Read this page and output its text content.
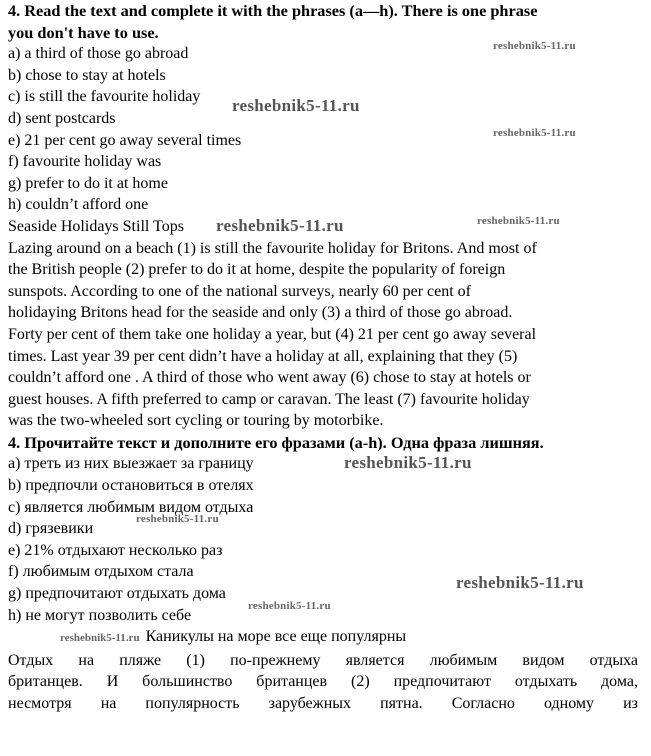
4. Read the text and complete it with the phrases (a—h). There is one phrase
you don't have to use.
a) a third of those go abroad
b) chose to stay at hotels
c) is still the favourite holiday
d) sent postcards
e) 21 per cent go away several times
f) favourite holiday was
g) prefer to do it at home
h) couldn’t afford one
Seaside Holidays Still Tops
Lazing around on a beach (1) is still the favourite holiday for Britons. And most of
the British people (2) prefer to do it at home, despite the popularity of foreign
sunspots. According to one of the national surveys, nearly 60 per cent of
holidaying Britons head for the seaside and only (3) a third of those go abroad.
Forty per cent of them take one holiday a year, but (4) 21 per cent go away several
times. Last year 39 per cent didn’t have a holiday at all, explaining that they (5)
couldn’t afford one . A third of those who went away (6) chose to stay at hotels or
guest houses. A fifth preferred to camp or caravan. The least (7) favourite holiday
was the two-wheeled sort cycling or touring by motorbike.
4. Прочитайте текст и дополните его фразами (a-h). Одна фраза лишняя.
a) треть из них выезжает за границу
b) предпочли остановиться в отелях
c) является любимым видом отдыха
d) грязевики
e) 21% отдыхают несколько раз
f) любимым отдыхом стала
g) предпочитают отдыхать дома
h) не могут позволить себе
reshebnik5-11.ru Каникулы на море все еще популярны
Отдых на пляже (1) по-прежнему является любимым видом отдыха
британцев. И большинство британцев (2) предпочитают отдыхать дома,
несмотря на популярность зарубежных пятна. Согласно одному из
reshebnik5-11.ru
reshebnik5-11.ru
reshebnik5-11.ru
reshebnik5-11.ru	reshebnik5-11.ru
reshebnik5-11.ru
reshebnik5-11.ru
reshebnik5-11.ru
reshebnik5-11.ru
